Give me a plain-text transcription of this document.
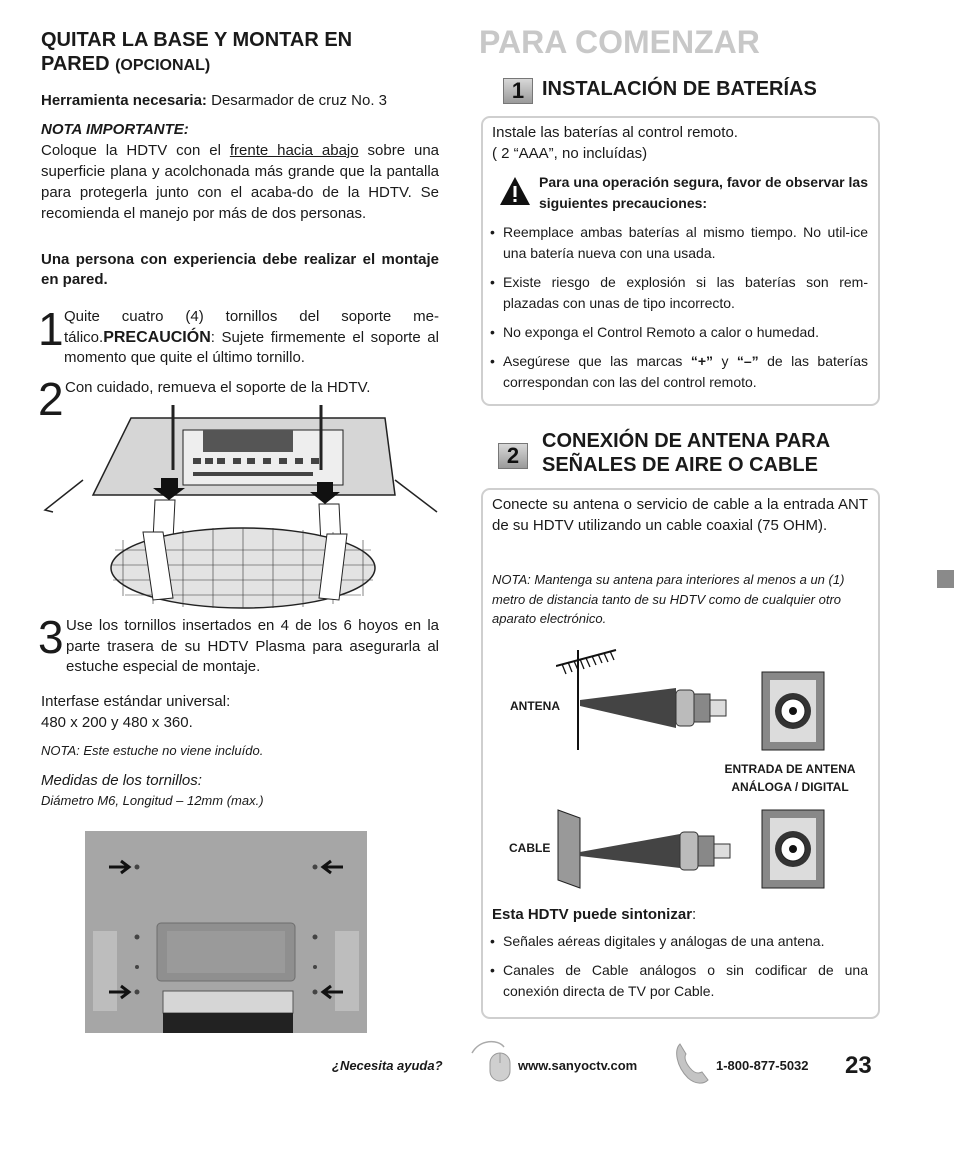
QUITAR LA BASE Y MONTAR EN
PARED (OPCIONAL)
Herramienta necesaria: Desarmador de cruz No. 3
NOTA IMPORTANTE:
Coloque la HDTV con el frente hacia abajo sobre una superficie plana y acolchonada más grande que la pantalla para protegerla junto con el acaba-do de la HDTV. Se recomienda el manejo por más de dos personas.
Una persona con experiencia debe realizar el montaje en pared.
1 Quite cuatro (4) tornillos del soporte me-tálico.PRECAUCIÓN: Sujete firmemente el soporte al momento que quite el último tornillo.
2 Con cuidado, remueva el soporte de la HDTV.
3 Use los tornillos insertados en 4 de los 6 hoyos en la parte trasera de su HDTV Plasma para asegurarla al estuche especial de montaje.
Interfase estándar universal:
480 x 200 y 480 x 360.
NOTA: Este estuche no viene incluído.
Medidas de los tornillos:
Diámetro M6, Longitud – 12mm (max.)
PARA COMENZAR
1 INSTALACIÓN DE BATERÍAS
Instale las baterías al control remoto.
( 2 “AAA”, no incluídas)
Para una operación segura, favor de observar las siguientes precauciones:
• Reemplace ambas baterías al mismo tiempo. No util-ice una batería nueva con una usada.
• Existe riesgo de explosión si las baterías son rem-plazadas con unas de tipo incorrecto.
• No exponga el Control Remoto a calor o humedad.
• Asegúrese que las marcas “+” y “–” de las baterías correspondan con las del control remoto.
2
CONEXIÓN DE ANTENA PARA
SEÑALES DE AIRE O CABLE
Conecte su antena o servicio de cable a la entrada ANT de su HDTV utilizando un cable coaxial (75 OHM).
NOTA: Mantenga su antena para interiores al menos a un (1) metro de distancia tanto de su HDTV como de cualquier otro aparato electrónico.
ANTENA
ENTRADA DE ANTENA
ANÁLOGA / DIGITAL
CABLE
Esta HDTV puede sintonizar:
• Señales aéreas digitales y análogas de una antena.
• Canales de Cable análogos o sin codificar de una conexión directa de TV por Cable.
¿Necesita ayuda?	www.sanyoctv.com	1-800-877-5032 23
